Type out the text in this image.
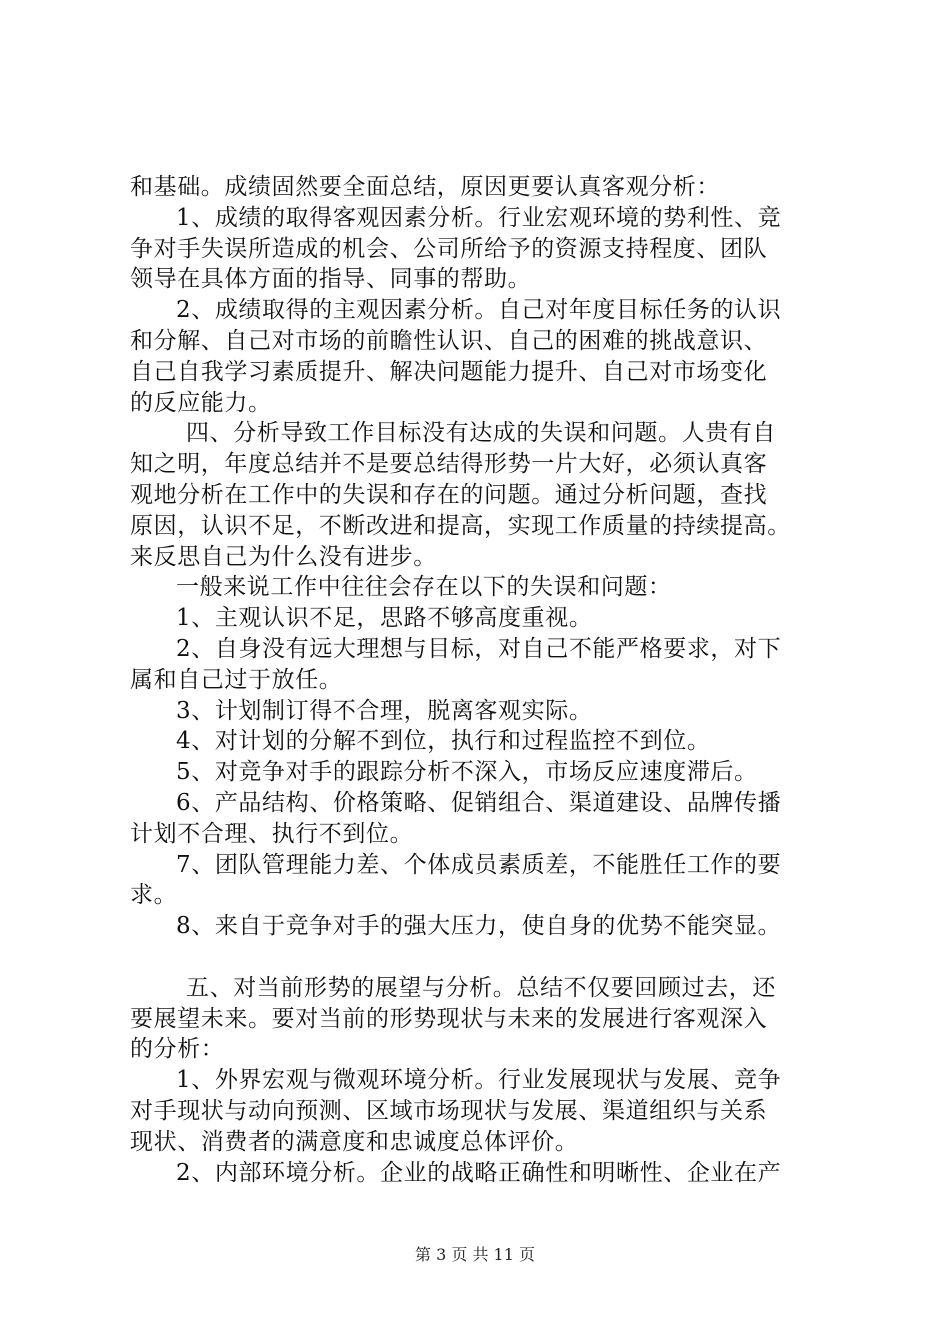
和基础。成绩固然要全面总结，原因更要认真客观分析：
1、成绩的取得客观因素分析。行业宏观环境的势利性、竞
争对手失误所造成的机会、公司所给予的资源支持程度、团队
领导在具体方面的指导、同事的帮助。
2、成绩取得的主观因素分析。自己对年度目标任务的认识
和分解、自己对市场的前瞻性认识、自己的困难的挑战意识、
自己自我学习素质提升、解决问题能力提升、自己对市场变化
的反应能力。
四、分析导致工作目标没有达成的失误和问题。人贵有自
知之明，年度总结并不是要总结得形势一片大好，必须认真客
观地分析在工作中的失误和存在的问题。通过分析问题，查找
原因，认识不足，不断改进和提高，实现工作质量的持续提高。
来反思自己为什么没有进步。
一般来说工作中往往会存在以下的失误和问题：
1、主观认识不足，思路不够高度重视。
2、自身没有远大理想与目标，对自己不能严格要求，对下
属和自己过于放任。
3、计划制订得不合理，脱离客观实际。
4、对计划的分解不到位，执行和过程监控不到位。
5、对竞争对手的跟踪分析不深入，市场反应速度滞后。
6、产品结构、价格策略、促销组合、渠道建设、品牌传播
计划不合理、执行不到位。
7、团队管理能力差、个体成员素质差，不能胜任工作的要
求。
8、来自于竞争对手的强大压力，使自身的优势不能突显。
五、对当前形势的展望与分析。总结不仅要回顾过去，还
要展望未来。要对当前的形势现状与未来的发展进行客观深入
的分析：
1、外界宏观与微观环境分析。行业发展现状与发展、竞争
对手现状与动向预测、区域市场现状与发展、渠道组织与关系
现状、消费者的满意度和忠诚度总体评价。
2、内部环境分析。企业的战略正确性和明晰性、企业在产
第 3 页 共 11 页
